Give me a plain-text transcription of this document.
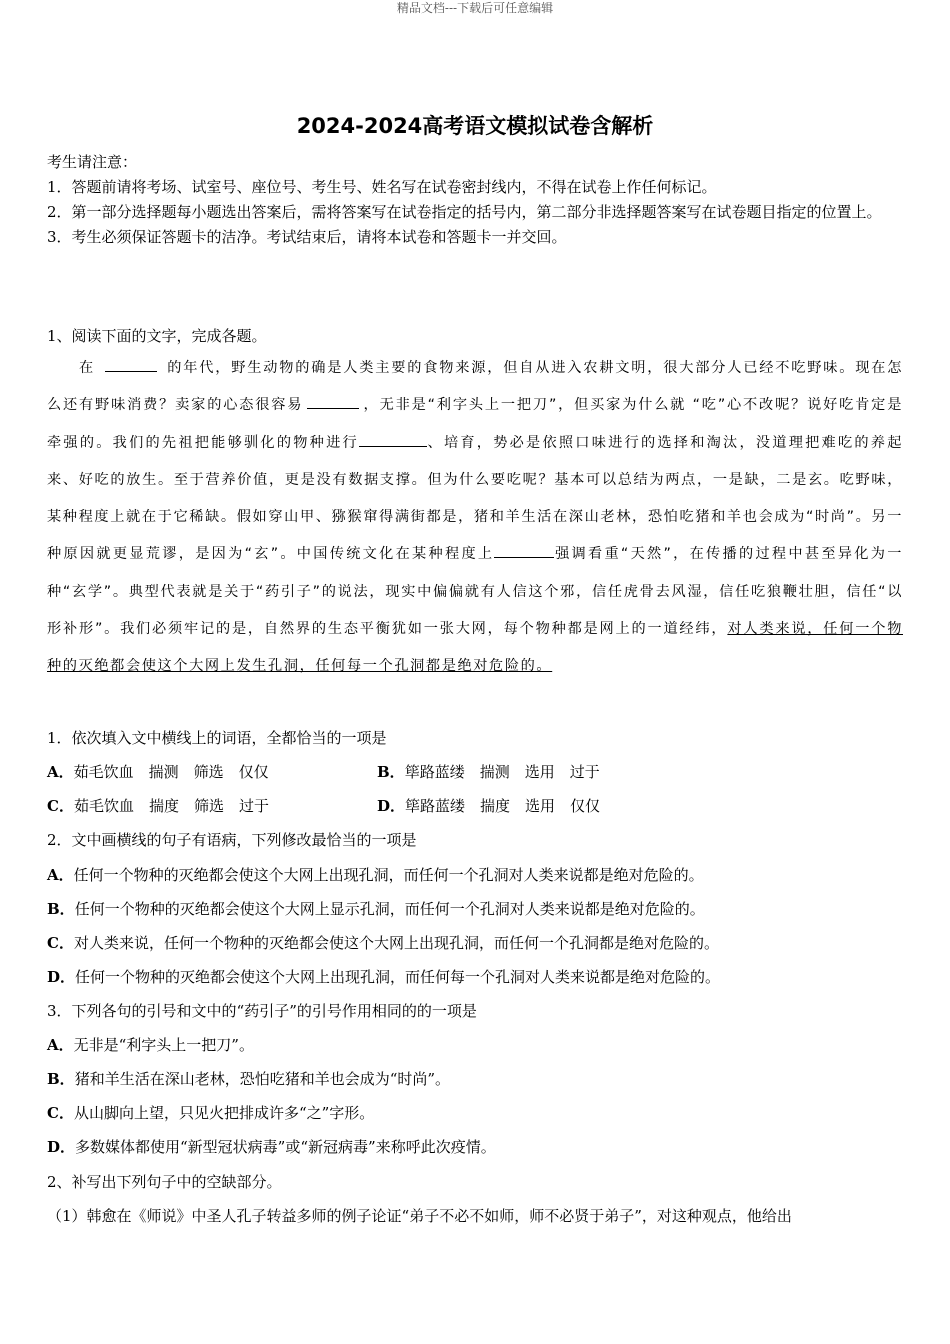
精品文档---下载后可任意编辑
2024-2024高考语文模拟试卷含解析

考生请注意：

1．答题前请将考场、试室号、座位号、考生号、姓名写在试卷密封线内，不得在试卷上作任何标记。

2．第一部分选择题每小题选出答案后，需将答案写在试卷指定的括号内，第二部分非选择题答案写在试卷题目指定的位置上。

3．考生必须保证答题卡的洁净。考试结束后，请将本试卷和答题卡一并交回。

1、阅读下面的文字，完成各题。

在	的年代，野生动物的确是人类主要的食物来源，但自从进入农耕文明，很大部分人已经不吃野味。现在怎么还有野味消费？卖家的心态很容易	，无非是“利字头上一把刀”，但买家为什么就 “吃”心不改呢？说好吃肯定是牵强的。我们的先祖把能够驯化的物种进行	、培育，势必是依照口味进行的选择和淘汰，没道理把难吃的养起来、好吃的放生。至于营养价值，更是没有数据支撑。但为什么要吃呢？基本可以总结为两点，一是缺，二是玄。吃野味，某种程度上就在于它稀缺。假如穿山甲、猕猴窜得满街都是，猪和羊生活在深山老林，恐怕吃猪和羊也会成为“时尚”。另一种原因就更显荒谬，是因为“玄”。中国传统文化在某种程度上	强调看重“天然”，在传播的过程中甚至异化为一种“玄学”。典型代表就是关于“药引子”的说法，现实中偏偏就有人信这个邪，信任虎骨去风湿，信任吃狼鞭壮胆，信任“以形补形”。我们必须牢记的是，自然界的生态平衡犹如一张大网，每个物种都是网上的一道经纬，对人类来说，任何一个物种的灭绝都会使这个大网上发生孔洞，任何每一个孔洞都是绝对危险的。

1．依次填入文中横线上的词语，全都恰当的一项是
A．茹毛饮血　揣测　筛选　仅仅	B．筚路蓝缕　揣测　选用　过于
C．茹毛饮血　揣度　筛选　过于	D．筚路蓝缕　揣度　选用　仅仅
2．文中画横线的句子有语病，下列修改最恰当的一项是
A．任何一个物种的灭绝都会使这个大网上出现孔洞，而任何一个孔洞对人类来说都是绝对危险的。
B．任何一个物种的灭绝都会使这个大网上显示孔洞，而任何一个孔洞对人类来说都是绝对危险的。
C．对人类来说，任何一个物种的灭绝都会使这个大网上出现孔洞，而任何一个孔洞都是绝对危险的。
D．任何一个物种的灭绝都会使这个大网上出现孔洞，而任何每一个孔洞对人类来说都是绝对危险的。
3．下列各句的引号和文中的“药引子”的引号作用相同的的一项是
A．无非是“利字头上一把刀”。
B．猪和羊生活在深山老林，恐怕吃猪和羊也会成为“时尚”。
C．从山脚向上望，只见火把排成许多“之”字形。
D．多数媒体都使用“新型冠状病毒”或“新冠病毒”来称呼此次疫情。
2、补写出下列句子中的空缺部分。
（1）韩愈在《师说》中圣人孔子转益多师的例子论证“弟子不必不如师，师不必贤于弟子”，对这种观点，他给出
